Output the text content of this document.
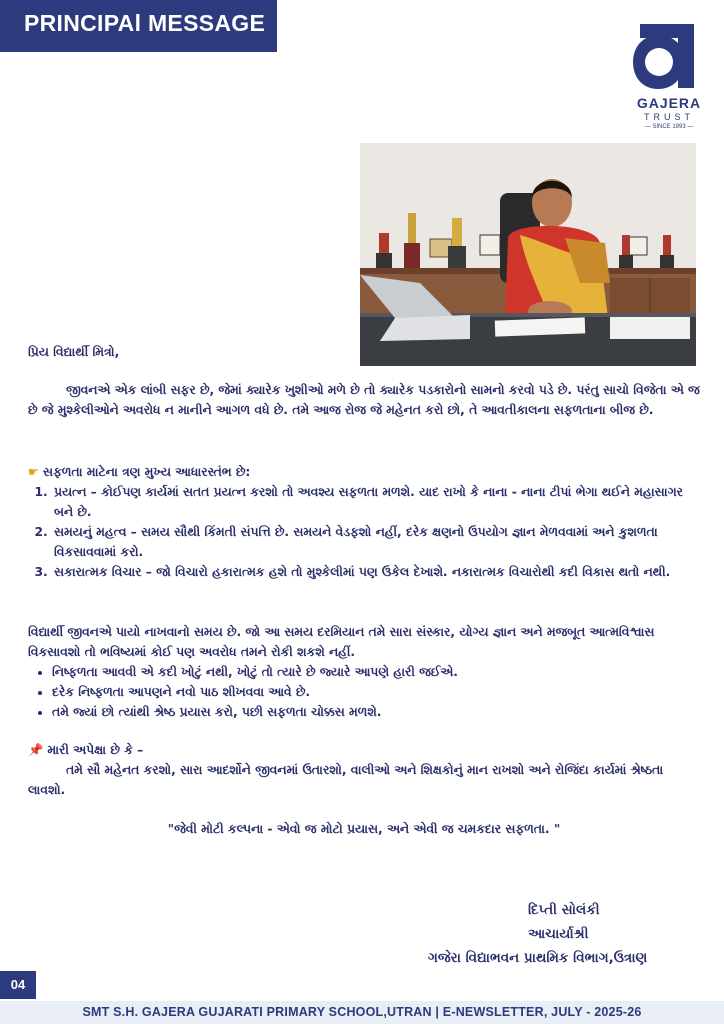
PRINCIPAl MESSAGE
GAJERA
TRUST
— SINCE 1993 —

પ્રિય વિદ્યાર્થી મિત્રો,

જીવનએ એક લાંબી સફર છે, જેમાં ક્યારેક ખુશીઓ મળે છે તો ક્યારેક પડકારોનો સામનો કરવો પડે છે. પરંતુ સાચો વિજેતા એ જ છે જે મુશ્કેલીઓને અવરોધ ન માનીને આગળ વધે છે. તમે આજ રોજ જે મહેનત કરો છો, તે આવતીકાલના સફળતાના બીજ છે.

☛ સફળતા માટેના ત્રણ મુખ્ય આધારસ્તંભ છે:

1. પ્રયત્ન – કોઈપણ કાર્યમાં સતત પ્રયત્ન કરશો તો અવશ્ય સફળતા મળશે. યાદ રાખો કે નાના - નાના ટીપાં ભેગા થઈને મહાસાગર બને છે.
2. સમયનું મહત્વ – સમય સૌથી કિંમતી સંપત્તિ છે. સમયને વેડફશો નહીં, દરેક ક્ષણનો ઉપયોગ જ્ઞાન મેળવવામાં અને કુશળતા વિકસાવવામાં કરો.
3. સકારાત્મક વિચાર – જો વિચારો હકારાત્મક હશે તો મુશ્કેલીમાં પણ ઉકેલ દેખાશે. નકારાત્મક વિચારોથી કદી વિકાસ થતો નથી.

વિદ્યાર્થી જીવનએ પાયો નાખવાનો સમય છે. જો આ સમય દરમિયાન તમે સારા સંસ્કાર, યોગ્ય જ્ઞાન અને મજબૂત આત્મવિશ્વાસ વિકસાવશો તો ભવિષ્યમાં કોઈ પણ અવરોધ તમને રોકી શકશે નહીં.

• નિષ્ફળતા આવવી એ કદી ખોટું નથી, ખોટું તો ત્યારે છે જ્યારે આપણે હારી જઈએ.
• દરેક નિષ્ફળતા આપણને નવો પાઠ શીખવવા આવે છે.
• તમે જ્યાં છો ત્યાંથી શ્રેષ્ઠ પ્રયાસ કરો, પછી સફળતા ચોક્કસ મળશે.

📌 મારી અપેક્ષા છે કે –

તમે સૌ મહેનત કરશો, સારા આદર્શોને જીવનમાં ઉતારશો, વાલીઓ અને શિક્ષકોનું માન રાખશો અને રોજિંદા કાર્યમાં શ્રેષ્ઠતા લાવશો.

"જેવી મોટી કલ્પના - એવો જ મોટો પ્રયાસ, અને એવી જ ચમકદાર સફળતા. "
દિપ્તી સોલંકી
આચાર્યાશ્રી
ગજેરા વિદ્યાભવન પ્રાથમિક વિભાગ,ઉત્રાણ
04
SMT S.H. GAJERA GUJARATI PRIMARY SCHOOL,UTRAN | E-NEWSLETTER, JULY - 2025-26
